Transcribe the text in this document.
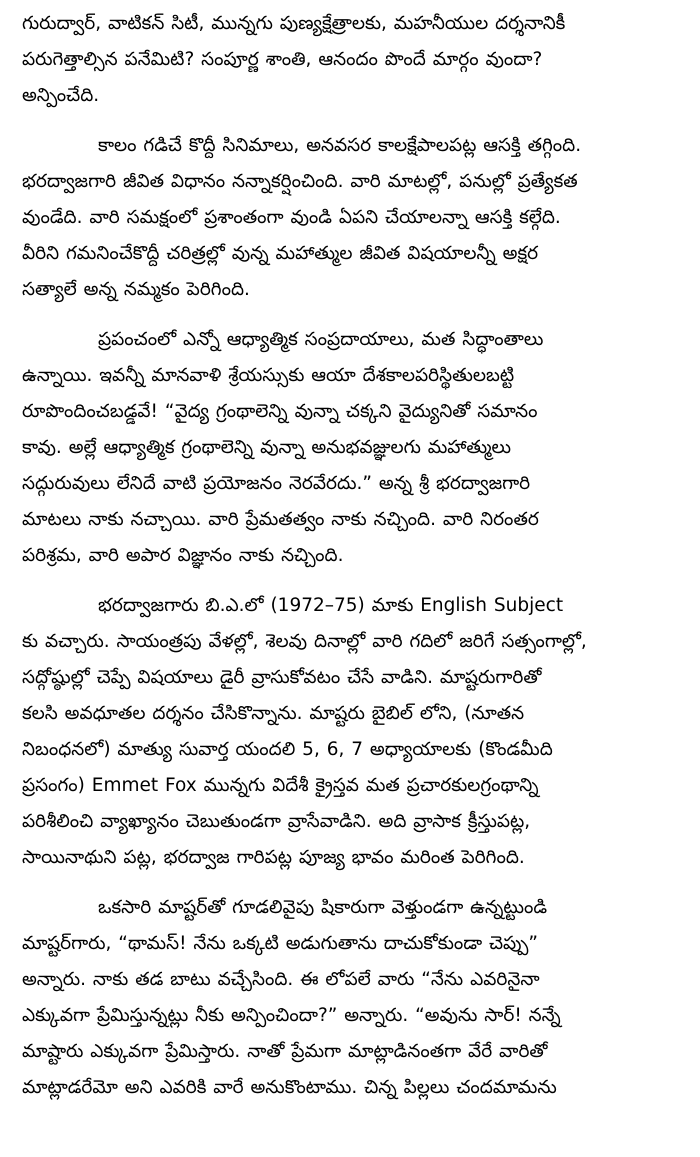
గురుద్వార్, వాటికన్ సిటీ, మున్నగు పుణ్యక్షేత్రాలకు, మహనీయుల దర్శనానికీ
పరుగెత్తాల్సిన పనేమిటి? సంపూర్ణ శాంతి, ఆనందం పొందే మార్గం వుందా?
అన్పించేది.

కాలం గడిచే కొద్దీ సినిమాలు, అనవసర కాలక్షేపాలపట్ల ఆసక్తి తగ్గింది.
భరద్వాజగారి జీవిత విధానం నన్నాకర్షించింది. వారి మాటల్లో, పనుల్లో ప్రత్యేకత
వుండేది. వారి సమక్షంలో ప్రశాంతంగా వుండి ఏపని చేయాలన్నా ఆసక్తి కల్గేది.
వీరిని గమనించేకొద్దీ చరిత్రల్లో వున్న మహాత్ముల జీవిత విషయాలన్నీ అక్షర
సత్యాలే అన్న నమ్మకం పెరిగింది.

ప్రపంచంలో ఎన్నో ఆధ్యాత్మిక సంప్రదాయాలు, మత సిద్ధాంతాలు
ఉన్నాయి. ఇవన్నీ మానవాళి శ్రేయస్సుకు ఆయా దేశకాలపరిస్థితులబట్టి
రూపొందించబడ్డవే! “వైద్య గ్రంథాలెన్ని వున్నా చక్కని వైద్యునితో సమానం
కావు. అల్లే ఆధ్యాత్మిక గ్రంథాలెన్ని వున్నా అనుభవజ్ఞులగు మహాత్ములు
సద్గురువులు లేనిదే వాటి ప్రయోజనం నెరవేరదు.” అన్న శ్రీ భరద్వాజగారి
మాటలు నాకు నచ్చాయి. వారి ప్రేమతత్వం నాకు నచ్చింది. వారి నిరంతర
పరిశ్రమ, వారి అపార విజ్ఞానం నాకు నచ్చింది.

భరద్వాజగారు బి.ఎ.లో (1972–75) మాకు English Subject
కు వచ్చారు. సాయంత్రపు వేళల్లో, శెలవు దినాల్లో వారి గదిలో జరిగే సత్సంగాల్లో,
సద్గోష్ఠుల్లో చెప్పే విషయాలు డైరీ వ్రాసుకోవటం చేసే వాడిని. మాష్టరుగారితో
కలసి అవధూతల దర్శనం చేసికొన్నాను. మాష్టరు బైబిల్ లోని, (నూతన
నిబంధనలో) మాత్యు సువార్త యందలి 5, 6, 7 అధ్యాయాలకు (కొండమీది
ప్రసంగం) Emmet Fox మున్నగు విదేశీ క్రైస్తవ మత ప్రచారకులగ్రంథాన్ని
పరిశీలించి వ్యాఖ్యానం చెబుతుండగా వ్రాసేవాడిని. అది వ్రాసాక క్రీస్తుపట్ల,
సాయినాథుని పట్ల, భరద్వాజ గారిపట్ల పూజ్య భావం మరింత పెరిగింది.

ఒకసారి మాష్టర్‌తో గూడలివైపు షికారుగా వెళ్తుండగా ఉన్నట్టుండి
మాష్టర్‌గారు, “థామస్! నేను ఒక్కటి అడుగుతాను దాచుకోకుండా చెప్పు”
అన్నారు. నాకు తడ బాటు వచ్చేసింది. ఈ లోపలే వారు “నేను ఎవరినైనా
ఎక్కువగా ప్రేమిస్తున్నట్లు నీకు అన్పించిందా?” అన్నారు. “అవును సార్! నన్నే
మాష్టారు ఎక్కువగా ప్రేమిస్తారు. నాతో ప్రేమగా మాట్లాడినంతగా వేరే వారితో
మాట్లాడరేమో అని ఎవరికి వారే అనుకొంటాము. చిన్న పిల్లలు చందమామను
